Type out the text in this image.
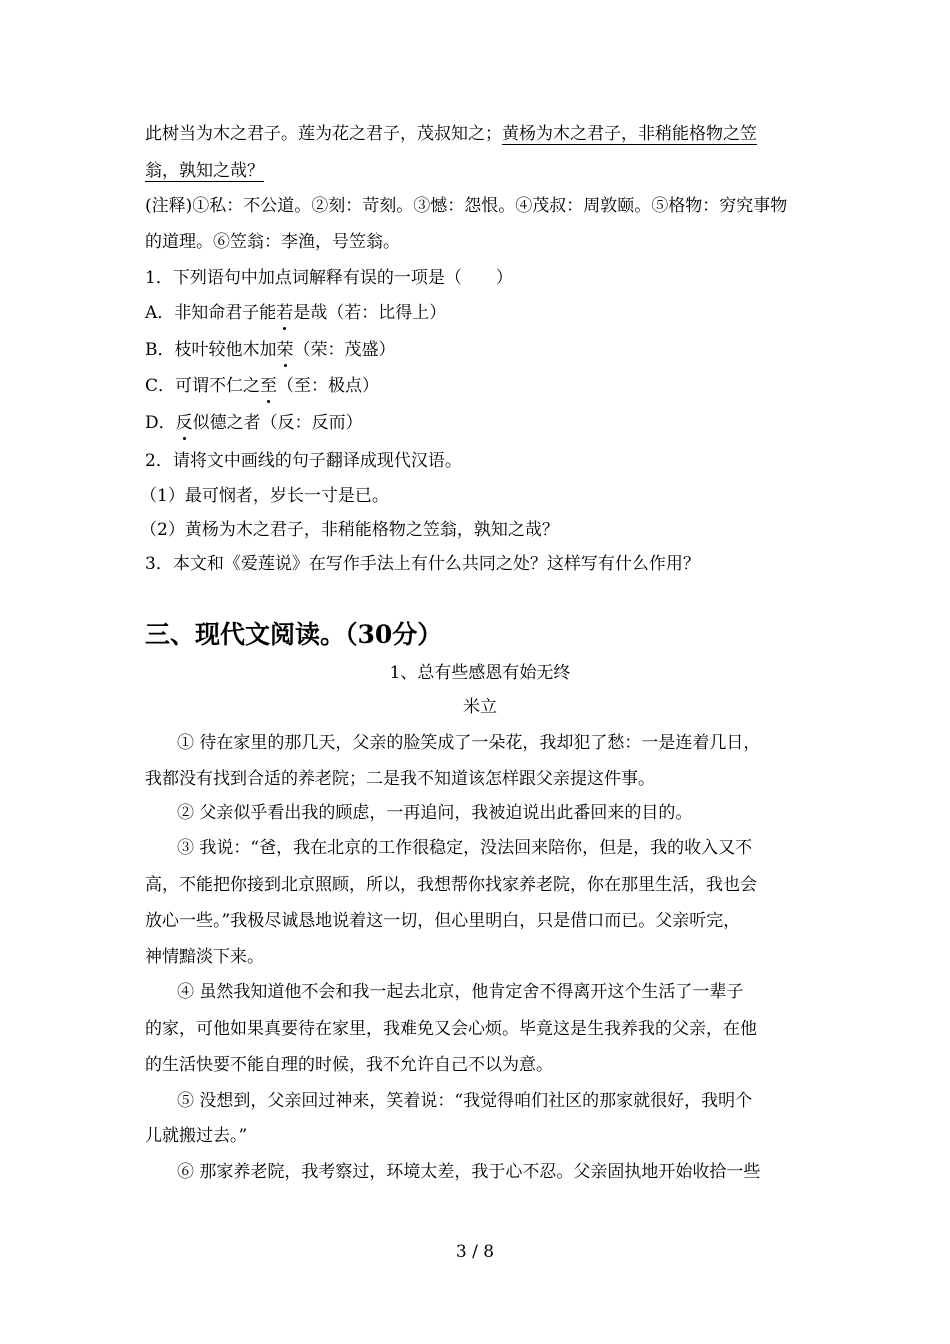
此树当为木之君子。莲为花之君子，茂叔知之；黄杨为木之君子，非稍能格物之笠
翁，孰知之哉？
(注释)①私：不公道。②刻：苛刻。③憾：怨恨。④茂叔：周敦颐。⑤格物：穷究事物
的道理。⑥笠翁：李渔，号笠翁。
1．下列语句中加点词解释有误的一项是（　　）
A．非知命君子能若是哉（若：比得上）
B．枝叶较他木加荣（荣：茂盛）
C．可谓不仁之至（至：极点）
D．反似德之者（反：反而）
2．请将文中画线的句子翻译成现代汉语。
（1）最可悯者，岁长一寸是已。
（2）黄杨为木之君子，非稍能格物之笠翁，孰知之哉？
3．本文和《爱莲说》在写作手法上有什么共同之处？这样写有什么作用？
三、现代文阅读。（30分）
1、总有些感恩有始无终
米立
① 待在家里的那几天，父亲的脸笑成了一朵花，我却犯了愁：一是连着几日，
我都没有找到合适的养老院；二是我不知道该怎样跟父亲提这件事。
② 父亲似乎看出我的顾虑，一再追问，我被迫说出此番回来的目的。
③ 我说：“爸，我在北京的工作很稳定，没法回来陪你，但是，我的收入又不
高，不能把你接到北京照顾，所以，我想帮你找家养老院，你在那里生活，我也会
放心一些。”我极尽诚恳地说着这一切，但心里明白，只是借口而已。父亲听完，
神情黯淡下来。
④ 虽然我知道他不会和我一起去北京，他肯定舍不得离开这个生活了一辈子
的家，可他如果真要待在家里，我难免又会心烦。毕竟这是生我养我的父亲，在他
的生活快要不能自理的时候，我不允许自己不以为意。
⑤ 没想到，父亲回过神来，笑着说：“我觉得咱们社区的那家就很好，我明个
儿就搬过去。”
⑥ 那家养老院，我考察过，环境太差，我于心不忍。父亲固执地开始收拾一些
3 / 8
